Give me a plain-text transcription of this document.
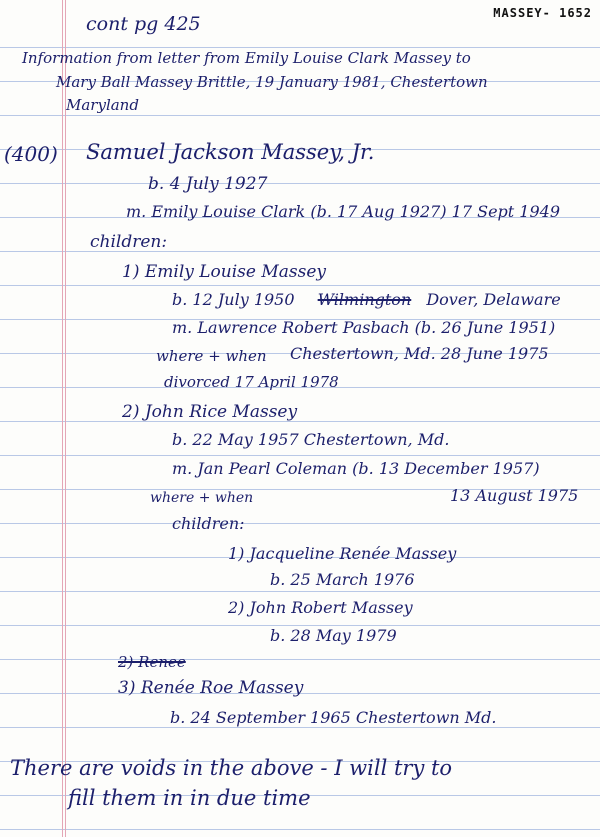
MASSEY- 1652
cont pg 425
Information from letter from Emily Louise Clark Massey to
Mary Ball Massey Brittle, 19 January 1981, Chestertown
Maryland
(400) Samuel Jackson Massey, Jr.
b. 4 July 1927
m. Emily Louise Clark (b. 17 Aug 1927) 17 Sept 1949
children:
1) Emily Louise Massey
b. 12 July 1950 Wilmington Dover, Delaware
m. Lawrence Robert Pasbach (b. 26 June 1951)
where + when Chestertown, Md. 28 June 1975
divorced 17 April 1978
2) John Rice Massey
b. 22 May 1957 Chestertown, Md.
m. Jan Pearl Coleman (b. 13 December 1957)
where + when	13 August 1975
children:
1) Jacqueline Renée Massey
b. 25 March 1976
2) John Robert Massey
b. 28 May 1979
2) Renee
3) Renée Roe Massey
b. 24 September 1965 Chestertown Md.
There are voids in the above - I will try to
fill them in in due time
